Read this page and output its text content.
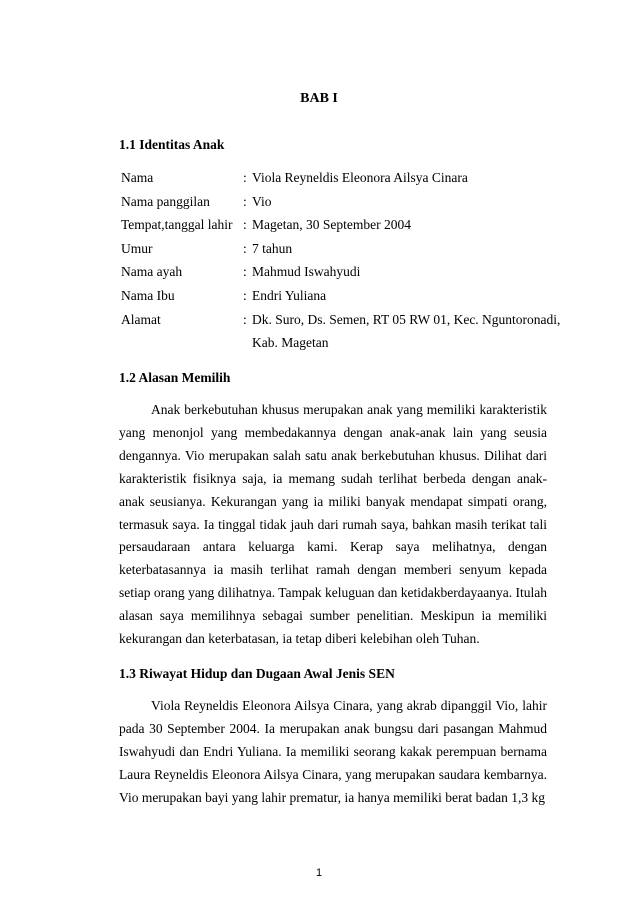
BAB I
1.1 Identitas Anak
Nama	: Viola Reyneldis Eleonora Ailsya Cinara
Nama panggilan	: Vio
Tempat,tanggal lahir : Magetan, 30 September 2004
Umur	: 7 tahun
Nama ayah	: Mahmud Iswahyudi
Nama Ibu	: Endri Yuliana
Alamat	: Dk. Suro, Ds. Semen, RT 05 RW 01, Kec. Nguntoronadi, Kab. Magetan
1.2 Alasan Memilih

Anak berkebutuhan khusus merupakan anak yang memiliki karakteristik yang menonjol yang membedakannya dengan anak-anak lain yang seusia dengannya. Vio merupakan salah satu anak berkebutuhan khusus. Dilihat dari karakteristik fisiknya saja, ia memang sudah terlihat berbeda dengan anak-anak seusianya. Kekurangan yang ia miliki banyak mendapat simpati orang, termasuk saya. Ia tinggal tidak jauh dari rumah saya, bahkan masih terikat tali persaudaraan antara keluarga kami. Kerap saya melihatnya, dengan keterbatasannya ia masih terlihat ramah dengan memberi senyum kepada setiap orang yang dilihatnya. Tampak keluguan dan ketidakberdayaanya. Itulah alasan saya memilihnya sebagai sumber penelitian. Meskipun ia memiliki kekurangan dan keterbatasan, ia tetap diberi kelebihan oleh Tuhan.

1.3 Riwayat Hidup dan Dugaan Awal Jenis SEN

Viola Reyneldis Eleonora Ailsya Cinara, yang akrab dipanggil Vio, lahir pada 30 September 2004. Ia merupakan anak bungsu dari pasangan Mahmud Iswahyudi dan Endri Yuliana. Ia memiliki seorang kakak perempuan bernama Laura Reyneldis Eleonora Ailsya Cinara, yang merupakan saudara kembarnya. Vio merupakan bayi yang lahir prematur, ia hanya memiliki berat badan 1,3 kg

1
